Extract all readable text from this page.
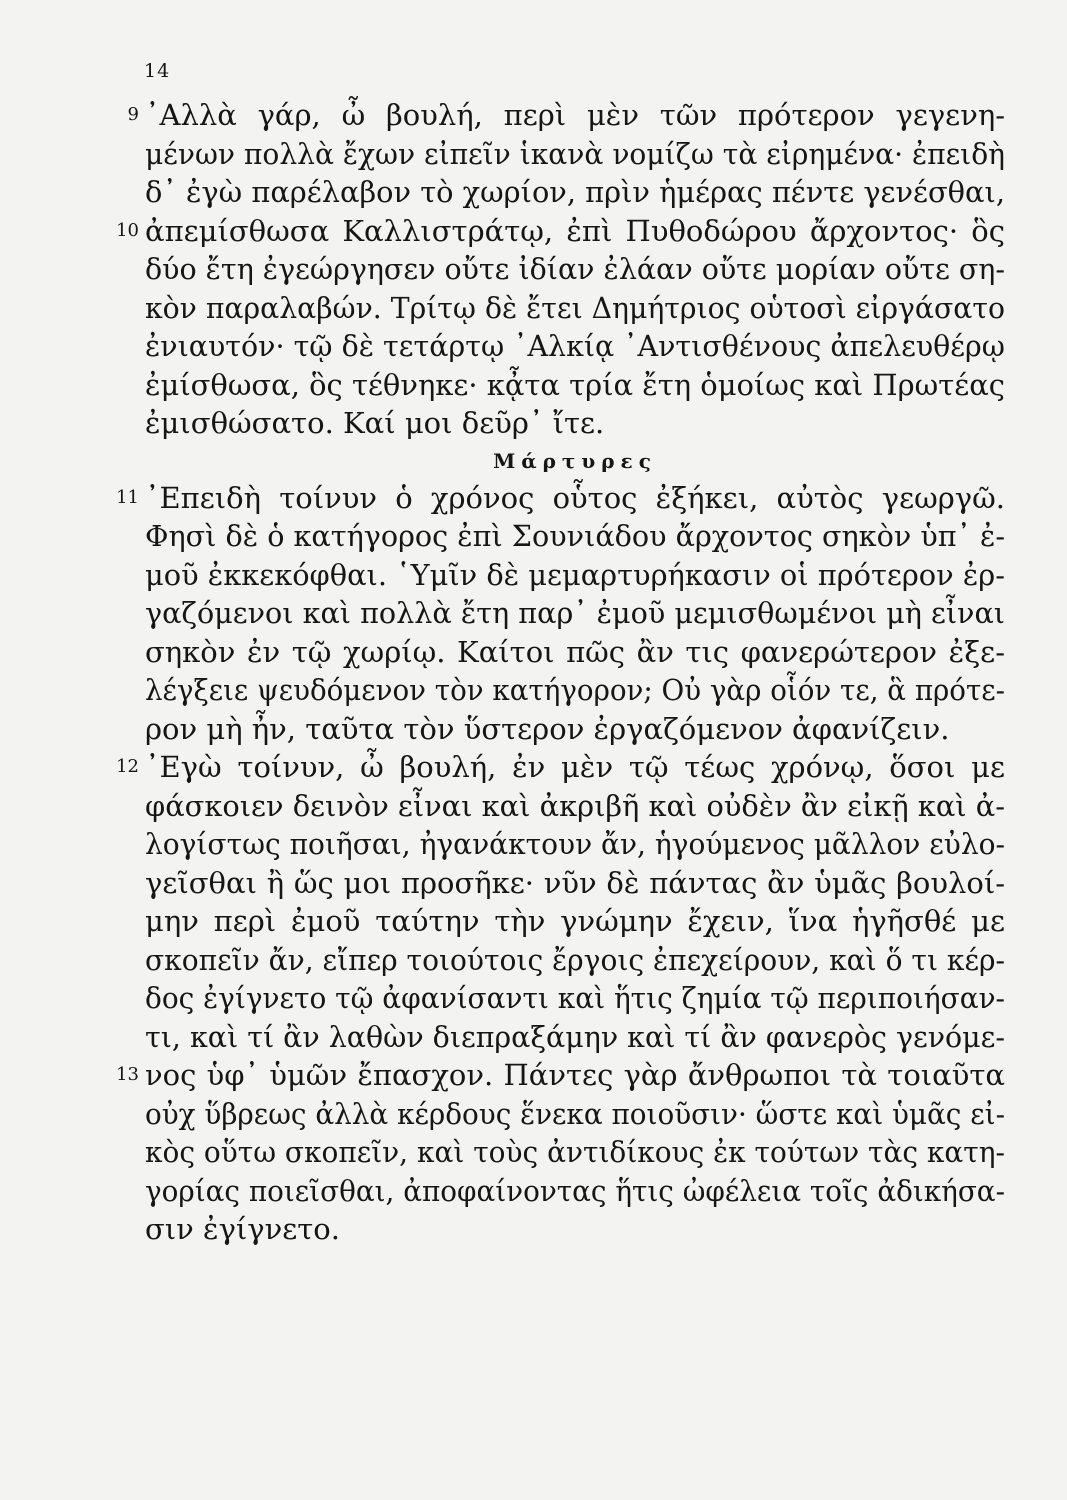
14
9 ᾿Αλλὰ γάρ, ὦ βουλή, περὶ μὲν τῶν πρότερον γεγενη-
μένων πολλὰ ἔχων εἰπεῖν ἱκανὰ νομίζω τὰ εἰρημένα· ἐπειδὴ
δ᾿ ἐγὼ παρέλαβον τὸ χωρίον, πρὶν ἡμέρας πέντε γενέσθαι,
10 ἀπεμίσθωσα Καλλιστράτῳ, ἐπὶ Πυθοδώρου ἄρχοντος· ὃς
δύο ἔτη ἐγεώργησεν οὔτε ἰδίαν ἐλάαν οὔτε μορίαν οὔτε ση-
κὸν παραλαβών. Τρίτῳ δὲ ἔτει Δημήτριος οὑτοσὶ εἰργάσατο
ἐνιαυτόν· τῷ δὲ τετάρτῳ ᾿Αλκίᾳ ᾿Αντισθένους ἀπελευθέρῳ
ἐμίσθωσα, ὃς τέθνηκε· κᾆτα τρία ἔτη ὁμοίως καὶ Πρωτέας
ἐμισθώσατο. Καί μοι δεῦρ᾿ ἴτε.
Μάρτυρες
11 ᾿Επειδὴ τοίνυν ὁ χρόνος οὗτος ἐξήκει, αὐτὸς γεωργῶ.
Φησὶ δὲ ὁ κατήγορος ἐπὶ Σουνιάδου ἄρχοντος σηκὸν ὑπ᾿ ἐ-
μοῦ ἐκκεκόφθαι. ῾Υμῖν δὲ μεμαρτυρήκασιν οἱ πρότερον ἐρ-
γαζόμενοι καὶ πολλὰ ἔτη παρ᾿ ἐμοῦ μεμισθωμένοι μὴ εἶναι
σηκὸν ἐν τῷ χωρίῳ. Καίτοι πῶς ἂν τις φανερώτερον ἐξε-
λέγξειε ψευδόμενον τὸν κατήγορον; Οὐ γὰρ οἷόν τε, ἃ πρότε-
ρον μὴ ἦν, ταῦτα τὸν ὕστερον ἐργαζόμενον ἀφανίζειν.
12 ᾿Εγὼ τοίνυν, ὦ βουλή, ἐν μὲν τῷ τέως χρόνῳ, ὅσοι με
φάσκοιεν δεινὸν εἶναι καὶ ἀκριβῆ καὶ οὐδὲν ἂν εἰκῇ καὶ ἀ-
λογίστως ποιῆσαι, ἠγανάκτουν ἄν, ἡγούμενος μᾶλλον εὐλο-
γεῖσθαι ἢ ὥς μοι προσῆκε· νῦν δὲ πάντας ἂν ὑμᾶς βουλοί-
μην περὶ ἐμοῦ ταύτην τὴν γνώμην ἔχειν, ἵνα ἡγῆσθέ με
σκοπεῖν ἄν, εἴπερ τοιούτοις ἔργοις ἐπεχείρουν, καὶ ὅ τι κέρ-
δος ἐγίγνετο τῷ ἀφανίσαντι καὶ ἥτις ζημία τῷ περιποιήσαν-
τι, καὶ τί ἂν λαθὼν διεπραξάμην καὶ τί ἂν φανερὸς γενόμε-
13 νος ὑφ᾿ ὑμῶν ἔπασχον. Πάντες γὰρ ἄνθρωποι τὰ τοιαῦτα
οὐχ ὕβρεως ἀλλὰ κέρδους ἕνεκα ποιοῦσιν· ὥστε καὶ ὑμᾶς εἰ-
κὸς οὕτω σκοπεῖν, καὶ τοὺς ἀντιδίκους ἐκ τούτων τὰς κατη-
γορίας ποιεῖσθαι, ἀποφαίνοντας ἥτις ὠφέλεια τοῖς ἀδικήσα-
σιν ἐγίγνετο.
